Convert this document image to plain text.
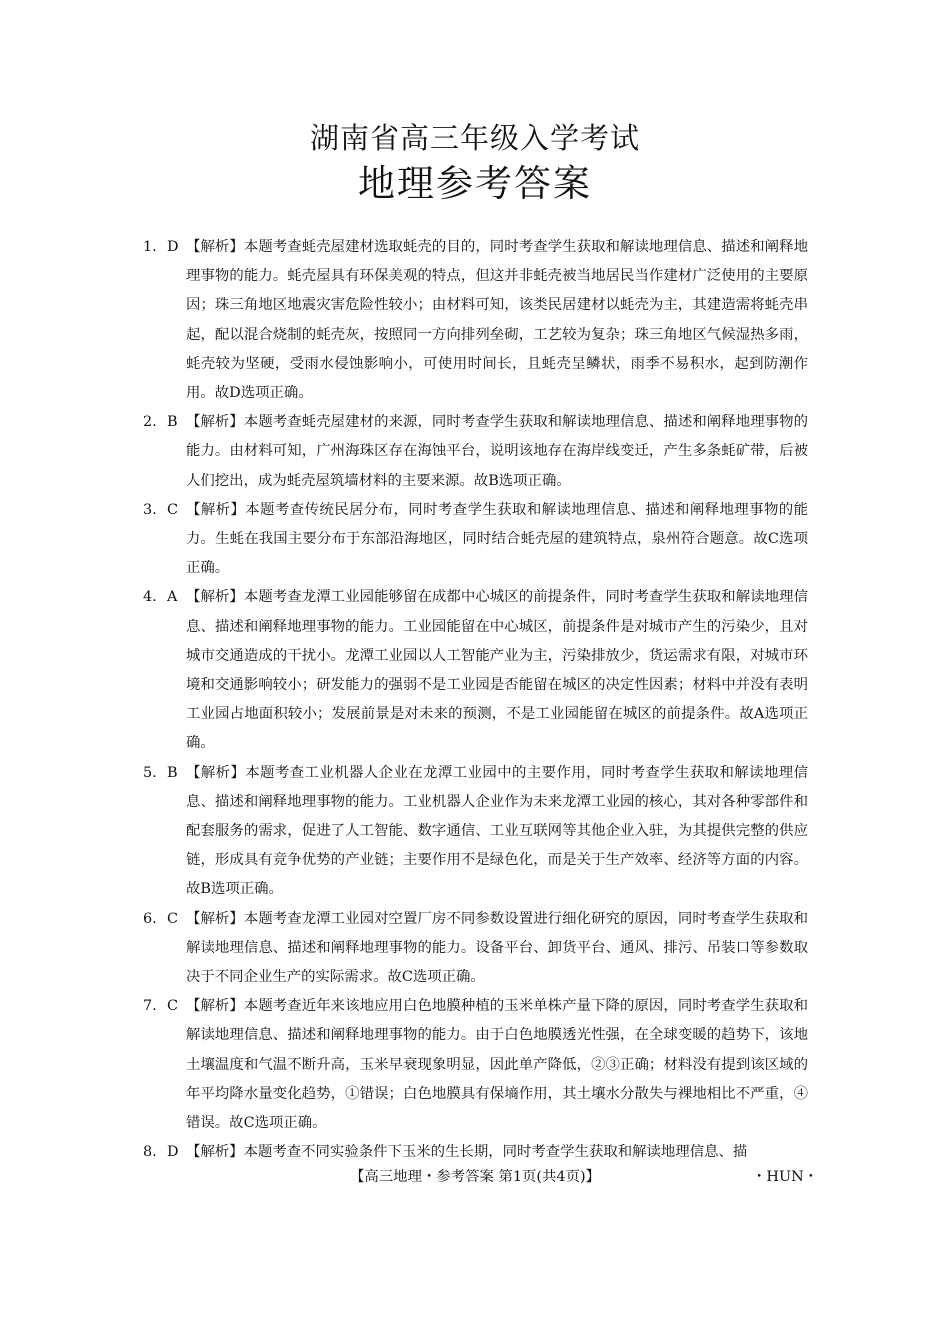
湖南省高三年级入学考试
地理参考答案
1. D 【解析】本题考查蚝壳屋建材选取蚝壳的目的，同时考查学生获取和解读地理信息、描述和阐释地理事物的能力。蚝壳屋具有环保美观的特点，但这并非蚝壳被当地居民当作建材广泛使用的主要原因；珠三角地区地震灾害危险性较小；由材料可知，该类民居建材以蚝壳为主，其建造需将蚝壳串起，配以混合烧制的蚝壳灰，按照同一方向排列垒砌，工艺较为复杂；珠三角地区气候湿热多雨，蚝壳较为坚硬，受雨水侵蚀影响小，可使用时间长，且蚝壳呈鳞状，雨季不易积水，起到防潮作用。故D选项正确。
2. B 【解析】本题考查蚝壳屋建材的来源，同时考查学生获取和解读地理信息、描述和阐释地理事物的能力。由材料可知，广州海珠区存在海蚀平台，说明该地存在海岸线变迁，产生多条蚝矿带，后被人们挖出，成为蚝壳屋筑墙材料的主要来源。故B选项正确。
3. C 【解析】本题考查传统民居分布，同时考查学生获取和解读地理信息、描述和阐释地理事物的能力。生蚝在我国主要分布于东部沿海地区，同时结合蚝壳屋的建筑特点，泉州符合题意。故C选项正确。
4. A 【解析】本题考查龙潭工业园能够留在成都中心城区的前提条件，同时考查学生获取和解读地理信息、描述和阐释地理事物的能力。工业园能留在中心城区，前提条件是对城市产生的污染少，且对城市交通造成的干扰小。龙潭工业园以人工智能产业为主，污染排放少，货运需求有限，对城市环境和交通影响较小；研发能力的强弱不是工业园是否能留在城区的决定性因素；材料中并没有表明工业园占地面积较小；发展前景是对未来的预测，不是工业园能留在城区的前提条件。故A选项正确。
5. B 【解析】本题考查工业机器人企业在龙潭工业园中的主要作用，同时考查学生获取和解读地理信息、描述和阐释地理事物的能力。工业机器人企业作为未来龙潭工业园的核心，其对各种零部件和配套服务的需求，促进了人工智能、数字通信、工业互联网等其他企业入驻，为其提供完整的供应链，形成具有竞争优势的产业链；主要作用不是绿色化，而是关于生产效率、经济等方面的内容。故B选项正确。
6. C 【解析】本题考查龙潭工业园对空置厂房不同参数设置进行细化研究的原因，同时考查学生获取和解读地理信息、描述和阐释地理事物的能力。设备平台、卸货平台、通风、排污、吊装口等参数取决于不同企业生产的实际需求。故C选项正确。
7. C 【解析】本题考查近年来该地应用白色地膜种植的玉米单株产量下降的原因，同时考查学生获取和解读地理信息、描述和阐释地理事物的能力。由于白色地膜透光性强，在全球变暖的趋势下，该地土壤温度和气温不断升高，玉米早衰现象明显，因此单产降低，②③正确；材料没有提到该区域的年平均降水量变化趋势，①错误；白色地膜具有保墒作用，其土壤水分散失与裸地相比不严重，④错误。故C选项正确。
8. D 【解析】本题考查不同实验条件下玉米的生长期，同时考查学生获取和解读地理信息、描
【高三地理・参考答案 第1页(共4页)】	・HUN・
